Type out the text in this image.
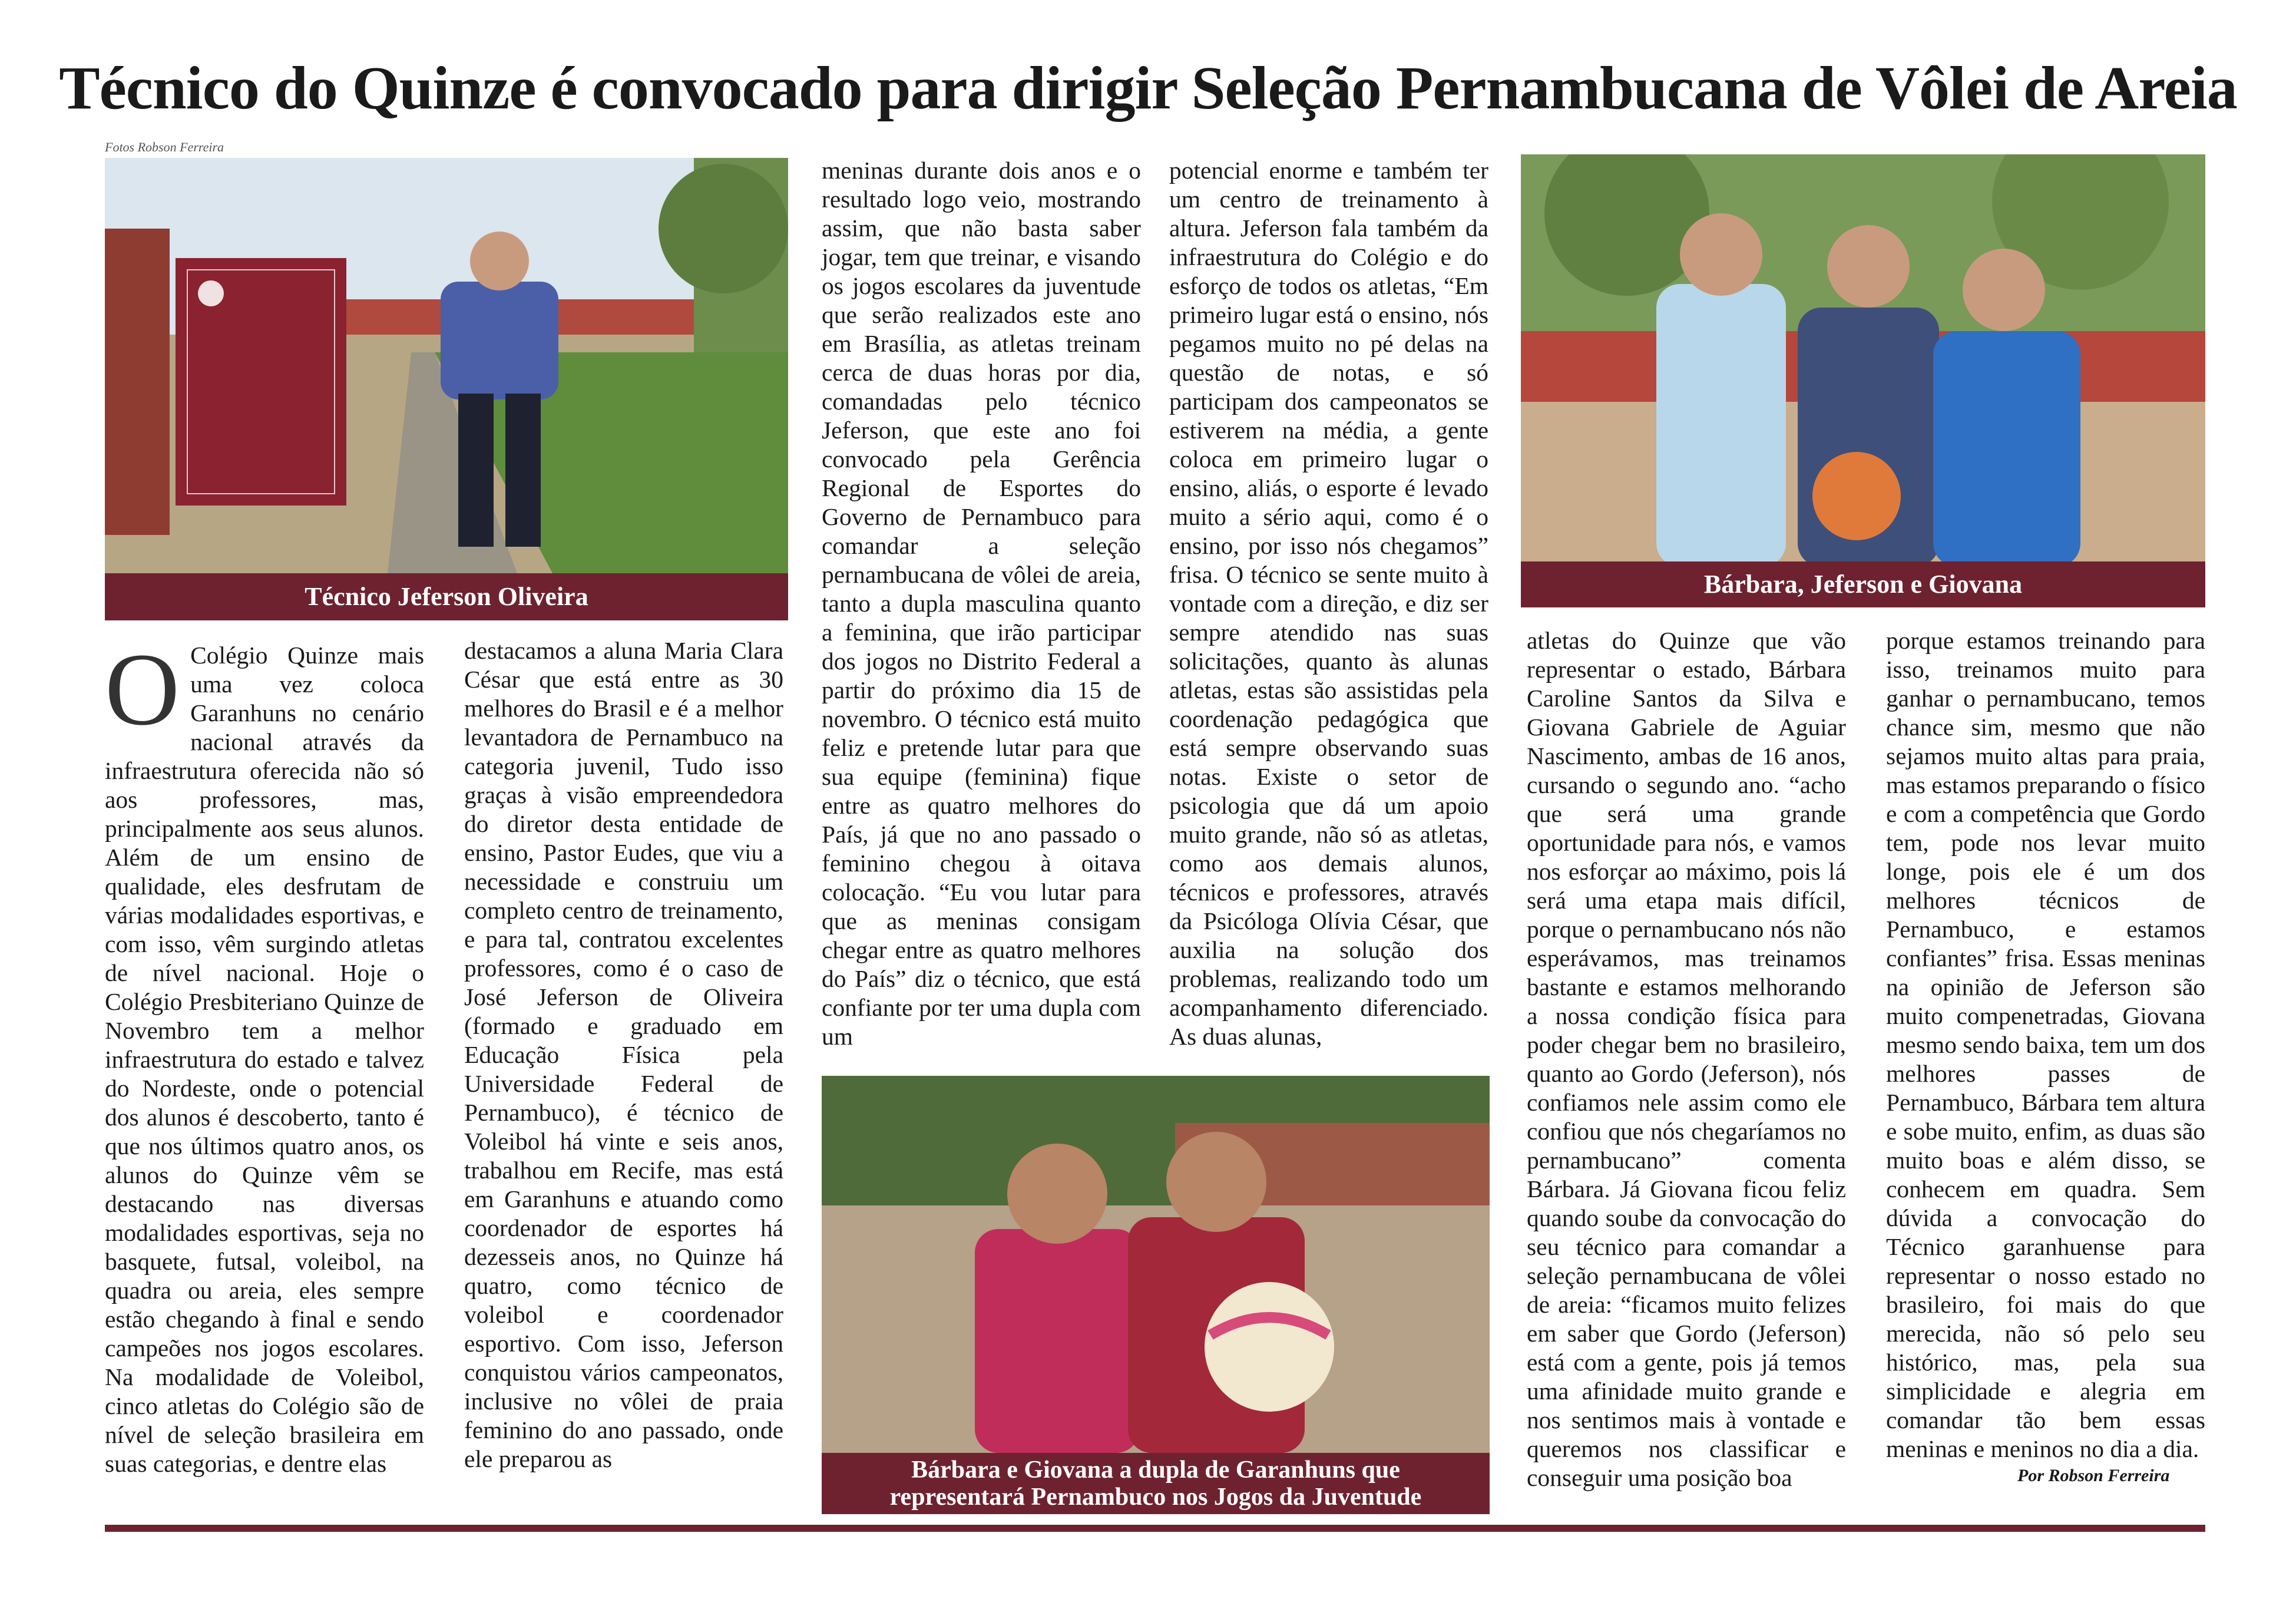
Técnico do Quinze é convocado para dirigir Seleção Pernambucana de Vôlei de Areia
Fotos Robson Ferreira
Técnico Jeferson Oliveira	Bárbara, Jeferson e Giovana
Bárbara e Giovana a dupla de Garanhuns que
representará Pernambuco nos Jogos da Juventude
O Colégio Quinze mais uma vez coloca Garanhuns no cenário nacional através da infraestrutura oferecida não só aos professores, mas, principalmente aos seus alunos. Além de um ensino de qualidade, eles desfrutam de várias modalidades esportivas, e com isso, vêm surgindo atletas de nível nacional. Hoje o Colégio Presbiteriano Quinze de Novembro tem a melhor infraestrutura do estado e talvez do Nordeste, onde o potencial dos alunos é descoberto, tanto é que nos últimos quatro anos, os alunos do Quinze vêm se destacando nas diversas modalidades esportivas, seja no basquete, futsal, voleibol, na quadra ou areia, eles sempre estão chegando à final e sendo campeões nos jogos escolares. Na modalidade de Voleibol, cinco atletas do Colégio são de nível de seleção brasileira em suas categorias, e dentre elas

destacamos a aluna Maria Clara César que está entre as 30 melhores do Brasil e é a melhor levantadora de Pernambuco na categoria juvenil, Tudo isso graças à visão empreendedora do diretor desta entidade de ensino, Pastor Eudes, que viu a necessidade e construiu um completo centro de treinamento, e para tal, contratou excelentes professores, como é o caso de José Jeferson de Oliveira (formado e graduado em Educação Física pela Universidade Federal de Pernambuco), é técnico de Voleibol há vinte e seis anos, trabalhou em Recife, mas está em Garanhuns e atuando como coordenador de esportes há dezesseis anos, no Quinze há quatro, como técnico de voleibol e coordenador esportivo. Com isso, Jeferson conquistou vários campeonatos, inclusive no vôlei de praia feminino do ano passado, onde ele preparou as

meninas durante dois anos e o resultado logo veio, mostrando assim, que não basta saber jogar, tem que treinar, e visando os jogos escolares da juventude que serão realizados este ano em Brasília, as atletas treinam cerca de duas horas por dia, comandadas pelo técnico Jeferson, que este ano foi convocado pela Gerência Regional de Esportes do Governo de Pernambuco para comandar a seleção pernambucana de vôlei de areia, tanto a dupla masculina quanto a feminina, que irão participar dos jogos no Distrito Federal a partir do próximo dia 15 de novembro. O técnico está muito feliz e pretende lutar para que sua equipe (feminina) fique entre as quatro melhores do País, já que no ano passado o feminino chegou à oitava colocação. “Eu vou lutar para que as meninas consigam chegar entre as quatro melhores do País” diz o técnico, que está confiante por ter uma dupla com um

potencial enorme e também ter um centro de treinamento à altura. Jeferson fala também da infraestrutura do Colégio e do esforço de todos os atletas, “Em primeiro lugar está o ensino, nós pegamos muito no pé delas na questão de notas, e só participam dos campeonatos se estiverem na média, a gente coloca em primeiro lugar o ensino, aliás, o esporte é levado muito a sério aqui, como é o ensino, por isso nós chegamos” frisa. O técnico se sente muito à vontade com a direção, e diz ser sempre atendido nas suas solicitações, quanto às alunas atletas, estas são assistidas pela coordenação pedagógica que está sempre observando suas notas. Existe o setor de psicologia que dá um apoio muito grande, não só as atletas, como aos demais alunos, técnicos e professores, através da Psicóloga Olívia César, que auxilia na solução dos problemas, realizando todo um acompanhamento diferenciado. As duas alunas,

atletas do Quinze que vão representar o estado, Bárbara Caroline Santos da Silva e Giovana Gabriele de Aguiar Nascimento, ambas de 16 anos, cursando o segundo ano. “acho que será uma grande oportunidade para nós, e vamos nos esforçar ao máximo, pois lá será uma etapa mais difícil, porque o pernambucano nós não esperávamos, mas treinamos bastante e estamos melhorando a nossa condição física para poder chegar bem no brasileiro, quanto ao Gordo (Jeferson), nós confiamos nele assim como ele confiou que nós chegaríamos no pernambucano” comenta Bárbara. Já Giovana ficou feliz quando soube da convocação do seu técnico para comandar a seleção pernambucana de vôlei de areia: “ficamos muito felizes em saber que Gordo (Jeferson) está com a gente, pois já temos uma afinidade muito grande e nos sentimos mais à vontade e queremos nos classificar e conseguir uma posição boa

porque estamos treinando para isso, treinamos muito para ganhar o pernambucano, temos chance sim, mesmo que não sejamos muito altas para praia, mas estamos preparando o físico e com a competência que Gordo tem, pode nos levar muito longe, pois ele é um dos melhores técnicos de Pernambuco, e estamos confiantes” frisa. Essas meninas na opinião de Jeferson são muito compenetradas, Giovana mesmo sendo baixa, tem um dos melhores passes de Pernambuco, Bárbara tem altura e sobe muito, enfim, as duas são muito boas e além disso, se conhecem em quadra. Sem dúvida a convocação do Técnico garanhuense para representar o nosso estado no brasileiro, foi mais do que merecida, não só pelo seu histórico, mas, pela sua simplicidade e alegria em comandar tão bem essas meninas e meninos no dia a dia.

Por Robson Ferreira
